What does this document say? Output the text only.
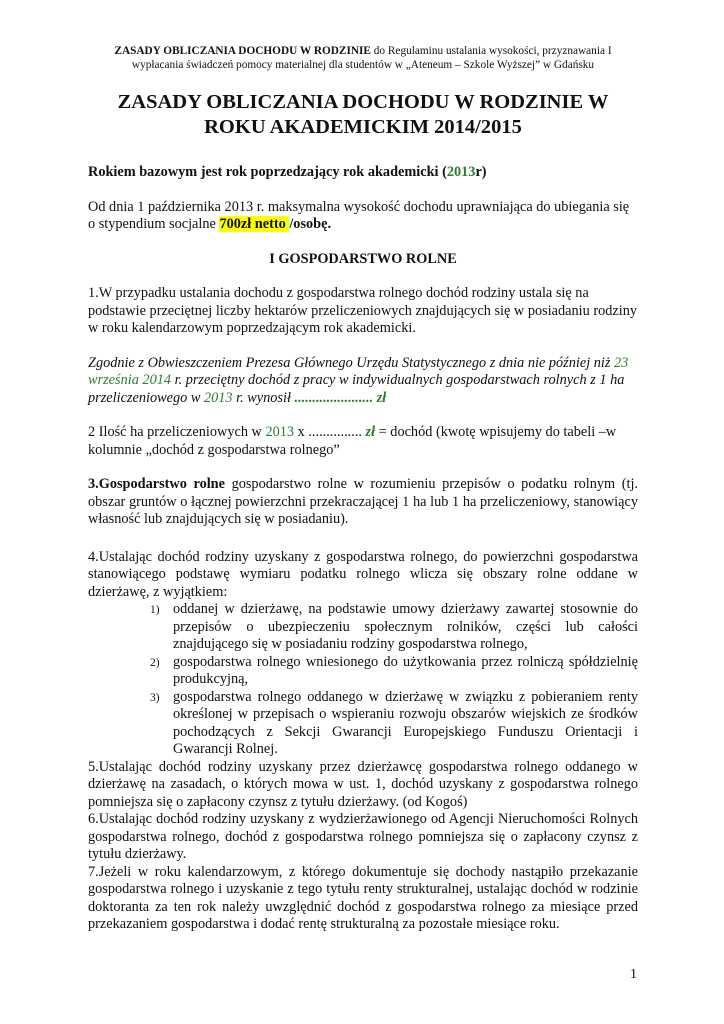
ZASADY OBLICZANIA DOCHODU W RODZINIE do Regulaminu ustalania wysokości, przyznawania I
wypłacania świadczeń pomocy materialnej dla studentów w „Ateneum – Szkole Wyższej” w Gdańsku
ZASADY OBLICZANIA DOCHODU W RODZINIE W
ROKU AKADEMICKIM 2014/2015
Rokiem bazowym jest rok poprzedzający rok akademicki (2013r)
Od dnia 1 października 2013 r. maksymalna wysokość dochodu uprawniająca do ubiegania się o stypendium socjalne 700zł netto /osobę.
I GOSPODARSTWO ROLNE
1.W przypadku ustalania dochodu z gospodarstwa rolnego dochód rodziny ustala się na podstawie przeciętnej liczby hektarów przeliczeniowych znajdujących się w posiadaniu rodziny w roku kalendarzowym poprzedzającym rok akademicki.
Zgodnie z Obwieszczeniem Prezesa Głównego Urzędu Statystycznego z dnia nie później niż 23 września 2014 r. przeciętny dochód z pracy w indywidualnych gospodarstwach rolnych z 1 ha przeliczeniowego w 2013 r. wynosił ...................... zł
2 Ilość ha przeliczeniowych w 2013 x ............... zł = dochód (kwotę wpisujemy do tabeli –w kolumnie „dochód z gospodarstwa rolnego”
3.Gospodarstwo rolne gospodarstwo rolne w rozumieniu przepisów o podatku rolnym (tj. obszar gruntów o łącznej powierzchni przekraczającej 1 ha lub 1 ha przeliczeniowy, stanowiący własność lub znajdujących się w posiadaniu).
4.Ustalając dochód rodziny uzyskany z gospodarstwa rolnego, do powierzchni gospodarstwa stanowiącego podstawę wymiaru podatku rolnego wlicza się obszary rolne oddane w dzierżawę, z wyjątkiem:
1) oddanej w dzierżawę, na podstawie umowy dzierżawy zawartej stosownie do przepisów o ubezpieczeniu społecznym rolników, części lub całości znajdującego się w posiadaniu rodziny gospodarstwa rolnego,
2) gospodarstwa rolnego wniesionego do użytkowania przez rolniczą spółdzielnię produkcyjną,
3) gospodarstwa rolnego oddanego w dzierżawę w związku z pobieraniem renty określonej w przepisach o wspieraniu rozwoju obszarów wiejskich ze środków pochodzących z Sekcji Gwarancji Europejskiego Funduszu Orientacji i Gwarancji Rolnej.
5.Ustalając dochód rodziny uzyskany przez dzierżawcę gospodarstwa rolnego oddanego w dzierżawę na zasadach, o których mowa w ust. 1, dochód uzyskany z gospodarstwa rolnego pomniejsza się o zapłacony czynsz z tytułu dzierżawy. (od Kogoś)
6.Ustalając dochód rodziny uzyskany z wydzierżawionego od Agencji Nieruchomości Rolnych gospodarstwa rolnego, dochód z gospodarstwa rolnego pomniejsza się o zapłacony czynsz z tytułu dzierżawy.
7.Jeżeli w roku kalendarzowym, z którego dokumentuje się dochody nastąpiło przekazanie gospodarstwa rolnego i uzyskanie z tego tytułu renty strukturalnej, ustalając dochód w rodzinie doktoranta za ten rok należy uwzględnić dochód z gospodarstwa rolnego za miesiące przed przekazaniem gospodarstwa i dodać rentę strukturalną za pozostałe miesiące roku.
1
